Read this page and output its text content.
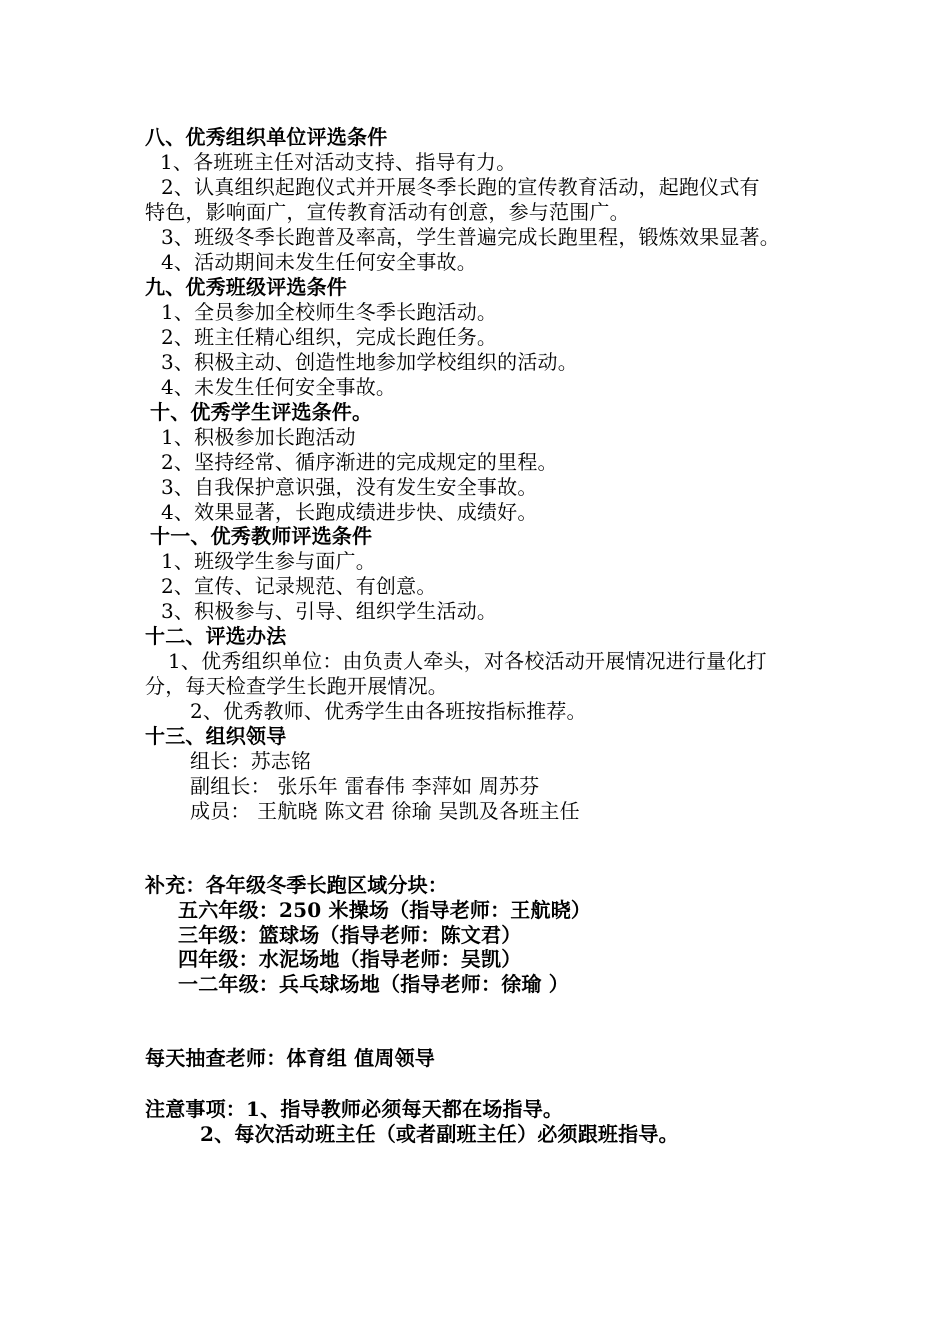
八、优秀组织单位评选条件
1、各班班主任对活动支持、指导有力。
2、认真组织起跑仪式并开展冬季长跑的宣传教育活动，起跑仪式有
特色，影响面广，宣传教育活动有创意，参与范围广。
3、班级冬季长跑普及率高，学生普遍完成长跑里程，锻炼效果显著。
4、活动期间未发生任何安全事故。
九、优秀班级评选条件
1、全员参加全校师生冬季长跑活动。
2、班主任精心组织，完成长跑任务。
3、积极主动、创造性地参加学校组织的活动。
4、未发生任何安全事故。
十、优秀学生评选条件。
1、积极参加长跑活动
2、坚持经常、循序渐进的完成规定的里程。
3、自我保护意识强，没有发生安全事故。
4、效果显著，长跑成绩进步快、成绩好。
十一、优秀教师评选条件
1、班级学生参与面广。
2、宣传、记录规范、有创意。
3、积极参与、引导、组织学生活动。
十二、评选办法
1、优秀组织单位：由负责人牵头，对各校活动开展情况进行量化打
分，每天检查学生长跑开展情况。
2、优秀教师、优秀学生由各班按指标推荐。
十三、组织领导
组长：苏志铭
副组长： 张乐年 雷春伟 李萍如 周苏芬
成员： 王航晓 陈文君 徐瑜 吴凯及各班主任
补充：各年级冬季长跑区域分块：
五六年级：250 米操场（指导老师：王航晓）
三年级：篮球场（指导老师：陈文君）
四年级：水泥场地（指导老师：吴凯）
一二年级：兵乓球场地（指导老师：徐瑜 ）
每天抽查老师：体育组 值周领导
注意事项：1、指导教师必须每天都在场指导。
2、每次活动班主任（或者副班主任）必须跟班指导。
